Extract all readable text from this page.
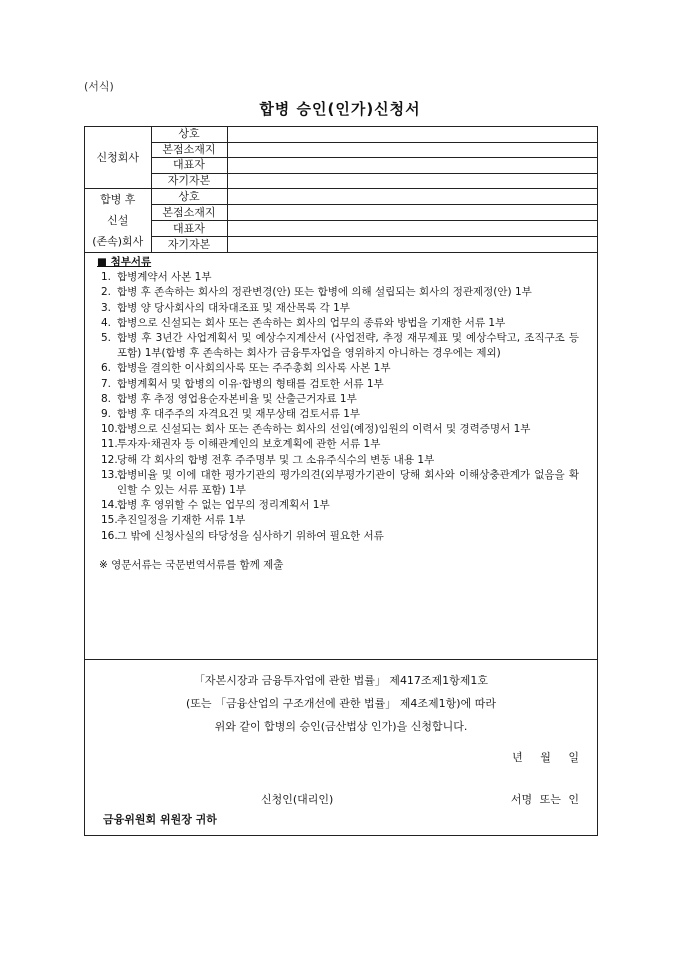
(서식)
합병 승인(인가)신청서
신청회사	상호	
	본점소재지	
	대표자	
	자기자본	

합병 후
신설
(존속)회사	상호	
	본점소재지	
	대표자	
	자기자본	
■ 첨부서류
1. 합병계약서 사본 1부
2. 합병 후 존속하는 회사의 정관변경(안) 또는 합병에 의해 설립되는 회사의 정관제정(안) 1부
3. 합병 양 당사회사의 대차대조표 및 재산목록 각 1부
4. 합병으로 신설되는 회사 또는 존속하는 회사의 업무의 종류와 방법을 기재한 서류 1부
5. 합병 후 3년간 사업계획서 및 예상수지계산서 (사업전략, 추정 재무제표 및 예상수탁고, 조직구조 등 포함) 1부(합병 후 존속하는 회사가 금융투자업을 영위하지 아니하는 경우에는 제외)
6. 합병을 결의한 이사회의사록 또는 주주총회 의사록 사본 1부
7. 합병계획서 및 합병의 이유·합병의 형태를 검토한 서류 1부
8. 합병 후 추정 영업용순자본비율 및 산출근거자료 1부
9. 합병 후 대주주의 자격요건 및 재무상태 검토서류 1부
10. 합병으로 신설되는 회사 또는 존속하는 회사의 선임(예정)임원의 이력서 및 경력증명서 1부
11. 투자자·채권자 등 이해관계인의 보호계획에 관한 서류 1부
12. 당해 각 회사의 합병 전후 주주명부 및 그 소유주식수의 변동 내용 1부
13. 합병비율 및 이에 대한 평가기관의 평가의견(외부평가기관이 당해 회사와 이해상충관계가 없음을 확인할 수 있는 서류 포함) 1부
14. 합병 후 영위할 수 없는 업무의 정리계획서 1부
15. 추진일정을 기재한 서류 1부
16. 그 밖에 신청사실의 타당성을 심사하기 위하여 필요한 서류
※ 영문서류는 국문번역서류를 함께 제출
「자본시장과 금융투자업에 관한 법률」 제417조제1항제1호
(또는 「금융산업의 구조개선에 관한 법률」 제4조제1항)에 따라
위와 같이 합병의 승인(금산법상 인가)을 신청합니다.
년 월 일
신청인(대리인)	서명 또는 인
금융위원회 위원장 귀하
